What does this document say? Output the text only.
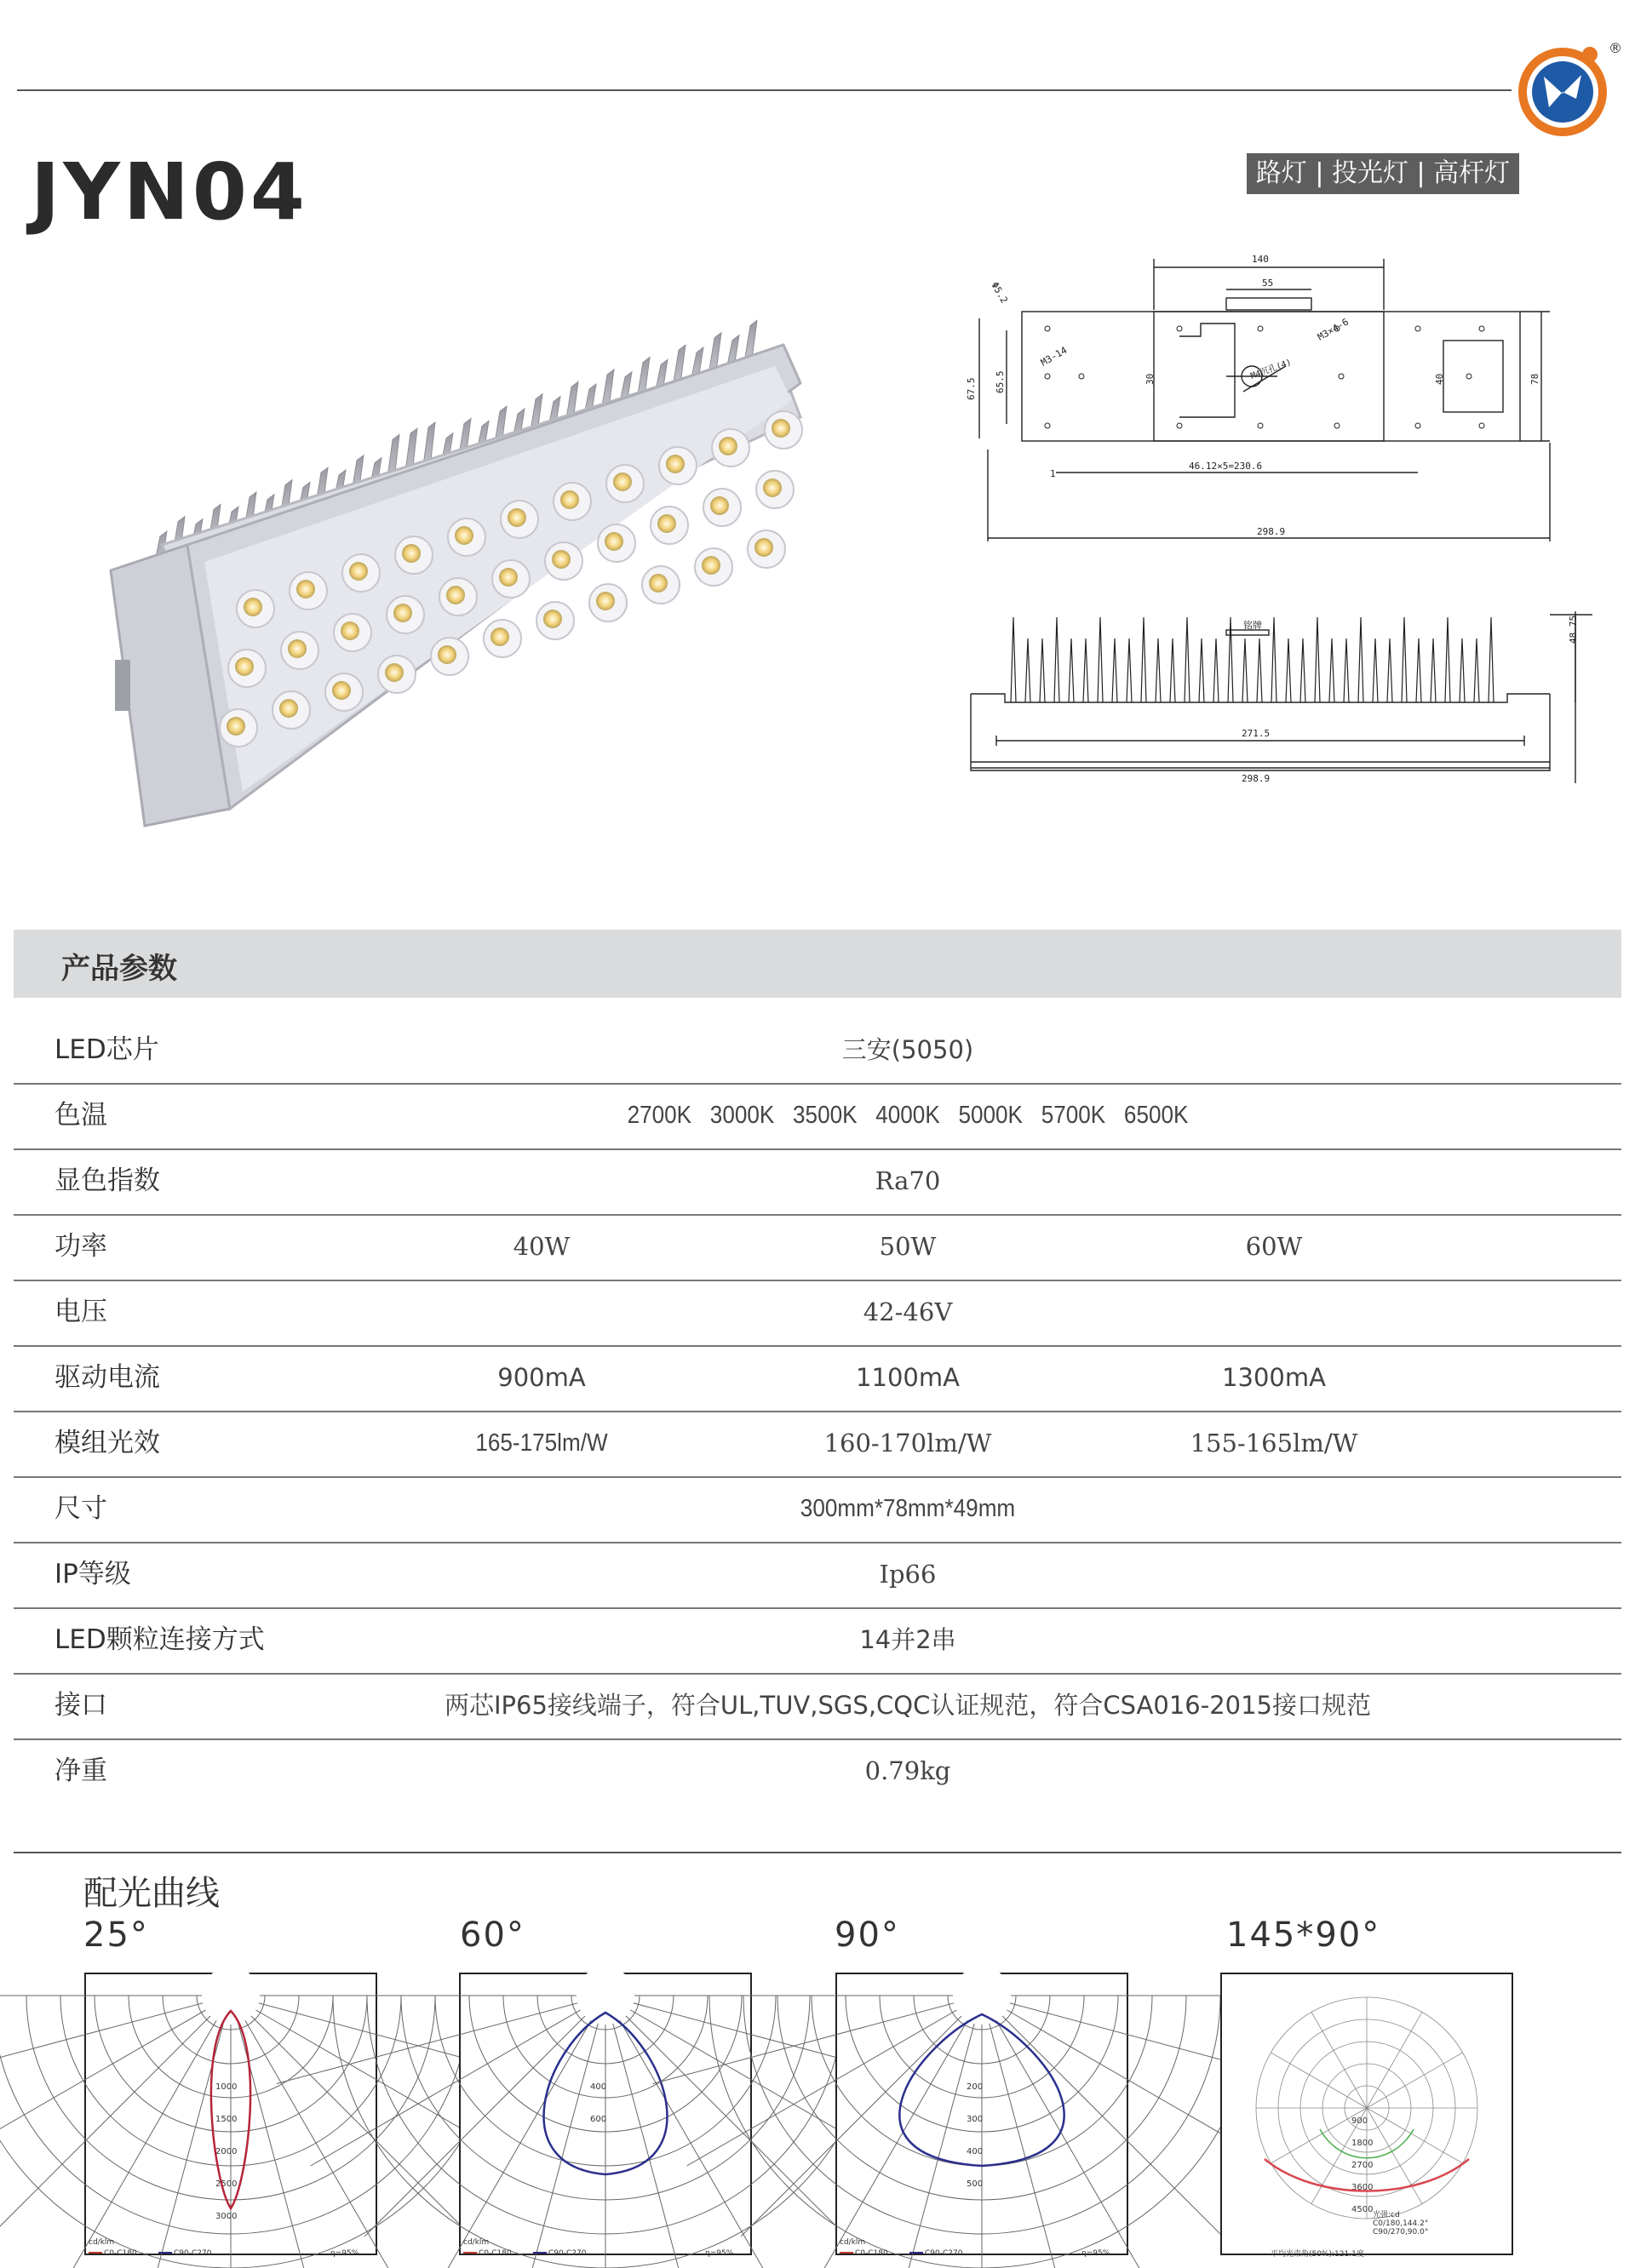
®
JYN04	路灯 | 投光灯 | 高杆灯
140
55
Φ5.2
M3-14
M3×4-6
M4沉孔(4)
67.5 65.5	30	40	78
1
46.12×5=230.6
298.9
铭牌	48.75
271.5
298.9
产品参数
LED芯片	三安(5050)
色温	2700K   3000K   3500K   4000K   5000K   5700K   6500K
显色指数	Ra70
功率	40W	50W	60W
电压	42-46V
驱动电流	900mA	1100mA	1300mA
模组光效	165-175lm/W	160-170lm/W	155-165lm/W
尺寸	300mm*78mm*49mm
IP等级	Ip66
LED颗粒连接方式	14并2串
接口	两芯IP65接线端子，符合UL,TUV,SGS,CQC认证规范，符合CSA016-2015接口规范
净重	0.79kg
配光曲线
25°	60°	90°	145*90°
1000
1500
2000
2500
3000
cd/klm
C0-C180	C90-C270	η=95%
400
600
cd/klm
C0-C180	C90-C270	η=95%
200
300
400
500
cd/klm
C0-C180	C90-C270	η=95%
900
1800
2700
3600
4500
光强:cd
C0/180,144.2°
C90/270,90.0°
平均光束角(50%):121.1度
